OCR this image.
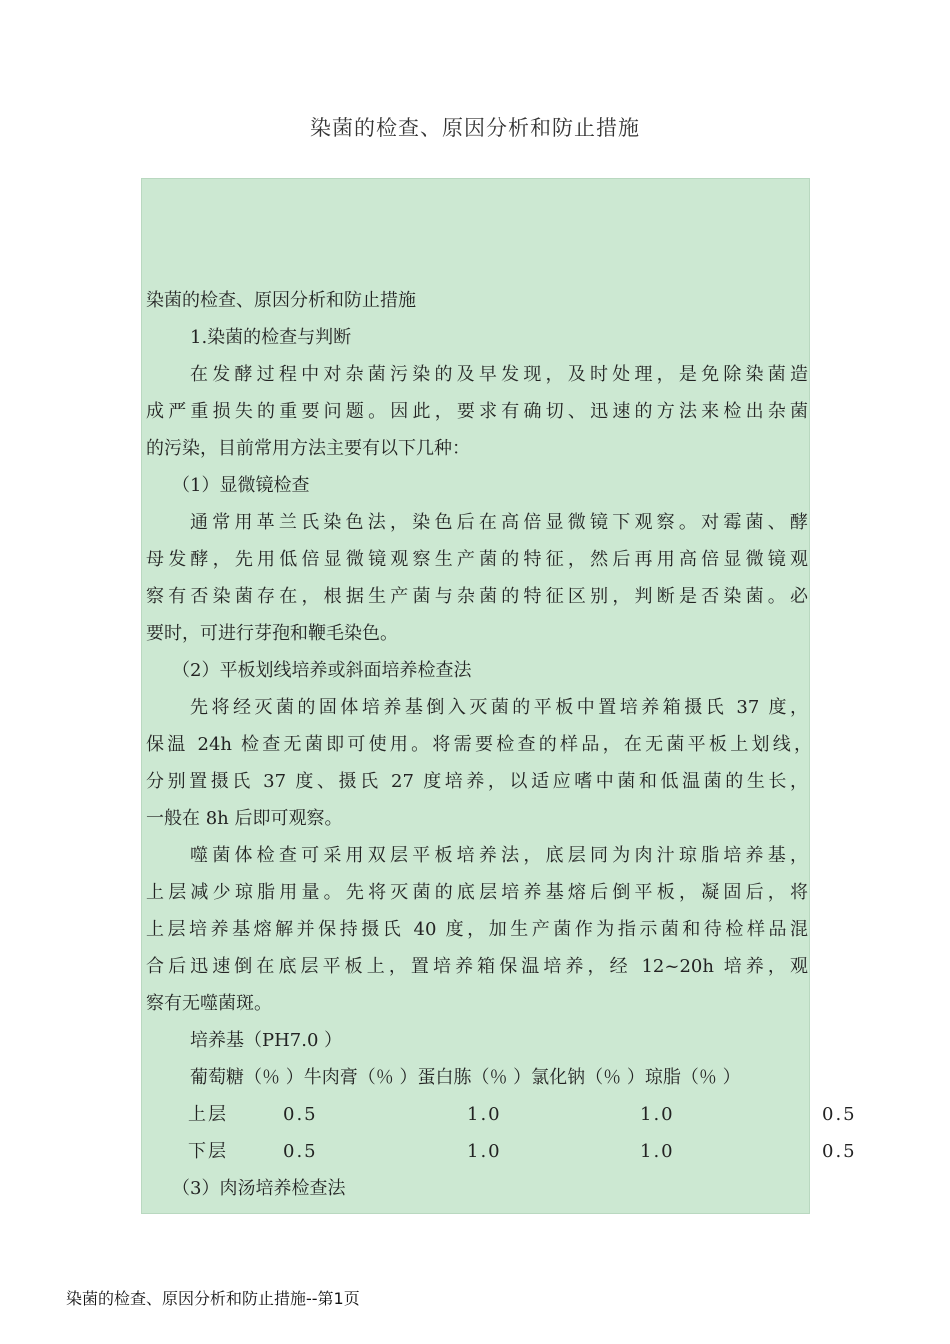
染菌的检查、原因分析和防止措施
染菌的检查、原因分析和防止措施
1.染菌的检查与判断
在发酵过程中对杂菌污染的及早发现，及时处理，是免除染菌造
成严重损失的重要问题。因此，要求有确切、迅速的方法来检出杂菌
的污染，目前常用方法主要有以下几种：
（1）显微镜检查
通常用革兰氏染色法，染色后在高倍显微镜下观察。对霉菌、酵
母发酵，先用低倍显微镜观察生产菌的特征，然后再用高倍显微镜观
察有否染菌存在，根据生产菌与杂菌的特征区别，判断是否染菌。必
要时，可进行芽孢和鞭毛染色。
（2）平板划线培养或斜面培养检查法
先将经灭菌的固体培养基倒入灭菌的平板中置培养箱摄氏 37 度，
保温 24h 检查无菌即可使用。将需要检查的样品，在无菌平板上划线，
分别置摄氏 37 度、摄氏 27 度培养，以适应嗜中菌和低温菌的生长，
一般在 8h 后即可观察。
噬菌体检查可采用双层平板培养法，底层同为肉汁琼脂培养基，
上层减少琼脂用量。先将灭菌的底层培养基熔后倒平板，凝固后，将
上层培养基熔解并保持摄氏 40 度，加生产菌作为指示菌和待检样品混
合后迅速倒在底层平板上，置培养箱保温培养，经 12~20h 培养，观
察有无噬菌斑。
培养基（PH7.0 ）
葡萄糖（％ ）牛肉膏（％ ）蛋白胨（％ ）氯化钠（％ ）琼脂（％ ）
上层	0.5	1.0	1.0	0.5
下层	0.5	1.0	1.0	0.5
（3）肉汤培养检查法
染菌的检查、原因分析和防止措施--第1页
